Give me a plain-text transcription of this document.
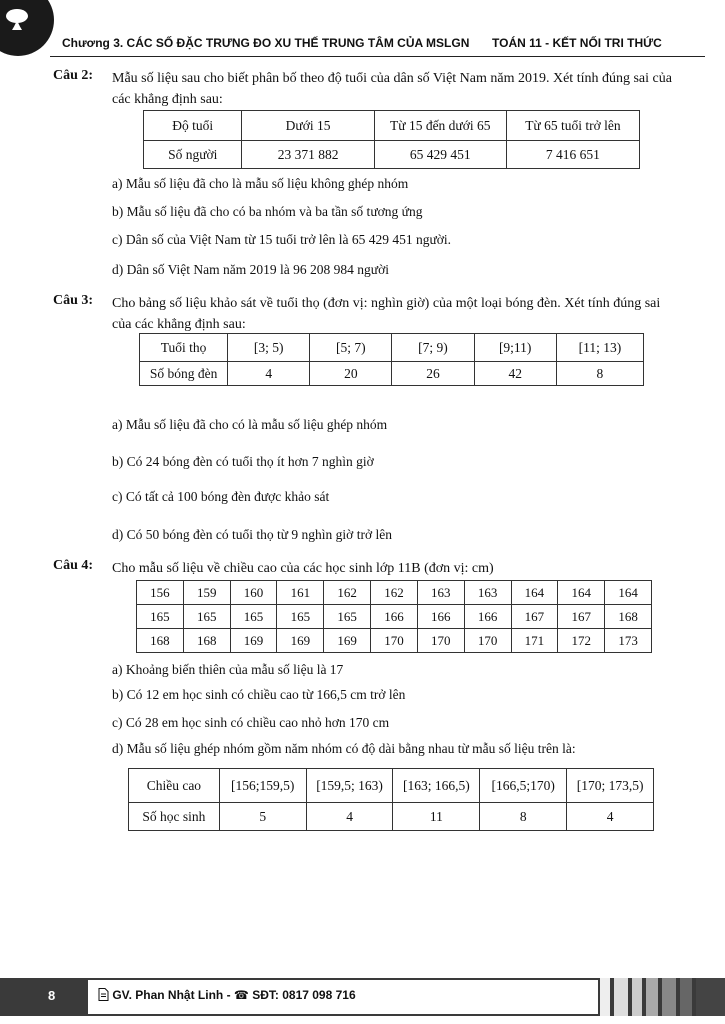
Chương 3. CÁC SỐ ĐẶC TRƯNG ĐO XU THẾ TRUNG TÂM CỦA MSLGN TOÁN 11 - KẾT NỐI TRI THỨC
Câu 2: Mẫu số liệu sau cho biết phân bố theo độ tuổi của dân số Việt Nam năm 2019. Xét tính đúng sai của các khẳng định sau:
Độ tuổi	Dưới 15	Từ 15 đến dưới 65	Từ 65 tuổi trở lên
Số người	23 371 882	65 429 451	7 416 651
a) Mẫu số liệu đã cho là mẫu số liệu không ghép nhóm
b) Mẫu số liệu đã cho có ba nhóm và ba tần số tương ứng
c) Dân số của Việt Nam từ 15 tuổi trở lên là 65 429 451 người.
d) Dân số Việt Nam năm 2019 là 96 208 984 người
Câu 3: Cho bảng số liệu khảo sát về tuổi thọ (đơn vị: nghìn giờ) của một loại bóng đèn. Xét tính đúng sai của các khẳng định sau:
Tuổi thọ	[3; 5)	[5; 7)	[7; 9)	[9;11)	[11; 13)
Số bóng đèn	4	20	26	42	8
a) Mẫu số liệu đã cho có là mẫu số liệu ghép nhóm
b) Có 24 bóng đèn có tuổi thọ ít hơn 7 nghìn giờ
c) Có tất cả 100 bóng đèn được khảo sát
d) Có 50 bóng đèn có tuổi thọ từ 9 nghìn giờ trở lên
Câu 4: Cho mẫu số liệu về chiều cao của các học sinh lớp 11B (đơn vị: cm)
156	159	160	161	162	162	163	163	164	164	164
165	165	165	165	165	166	166	166	167	167	168
168	168	169	169	169	170	170	170	171	172	173
a) Khoảng biến thiên của mẫu số liệu là 17
b) Có 12 em học sinh có chiều cao từ 166,5 cm trở lên
c) Có 28 em học sinh có chiều cao nhỏ hơn 170 cm
d) Mẫu số liệu ghép nhóm gồm năm nhóm có độ dài bằng nhau từ mẫu số liệu trên là:
Chiều cao	[156;159,5)	[159,5; 163)	[163; 166,5)	[166,5;170)	[170; 173,5)
Số học sinh	5	4	11	8	4
8	GV. Phan Nhật Linh - ☎ SĐT: 0817 098 716
